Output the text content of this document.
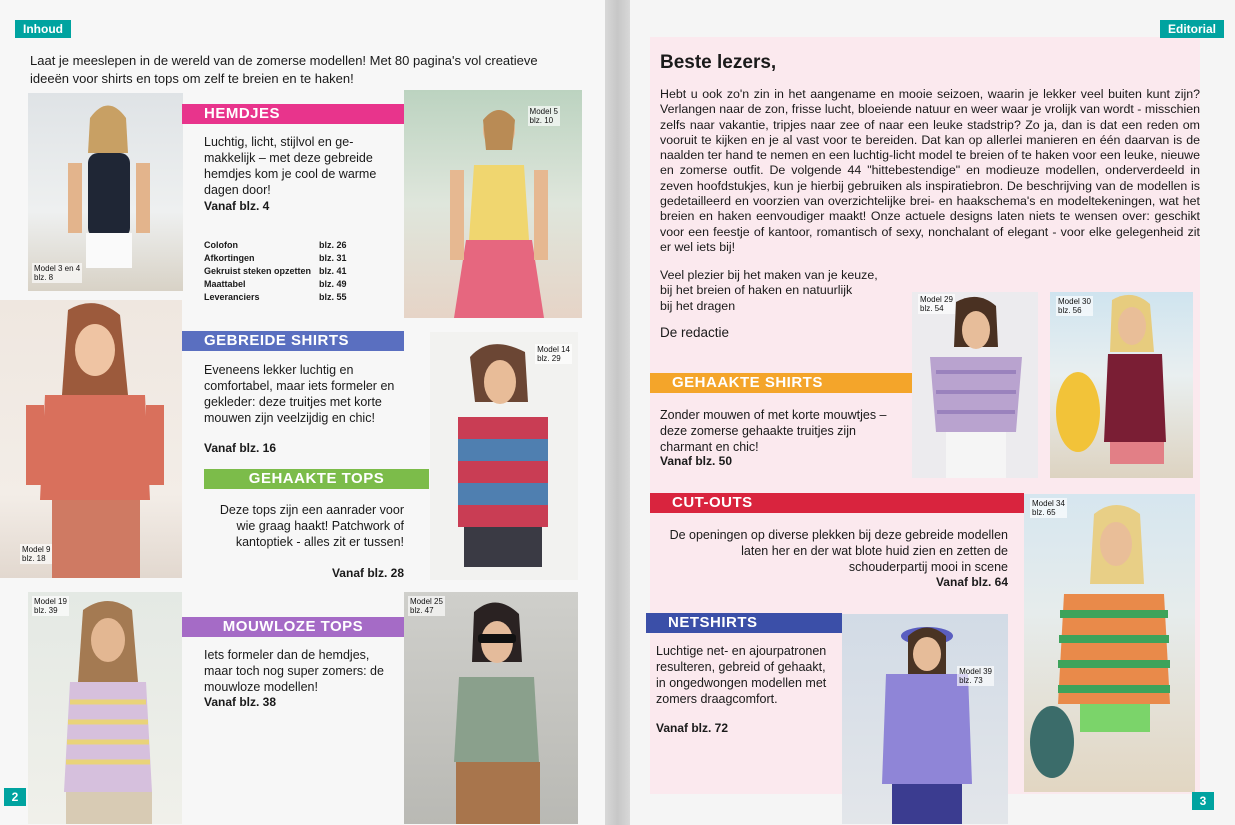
Inhoud
Laat je meeslepen in de wereld van de zomerse modellen! Met 80 pagina's vol creatieve ideeën voor shirts en tops om zelf te breien en te haken!
Model 3 en 4
blz. 8
HEMDJES
Luchtig, licht, stijlvol en ge-makkelijk – met deze gebreide hemdjes kom je cool de warme dagen door!
Vanaf blz. 4
Colofon	blz. 26
Afkortingen	blz. 31
Gekruist steken opzetten	blz. 41
Maattabel	blz. 49
Leveranciers	blz. 55
Model 5
blz. 10
Model 9
blz. 18
GEBREIDE SHIRTS
Eveneens lekker luchtig en comfortabel, maar iets formeler en gekleder: deze truitjes met korte mouwen zijn veelzijdig en chic!
Vanaf blz. 16
Model 14
blz. 29
GEHAAKTE TOPS
Deze tops zijn een aanrader voor wie graag haakt! Patchwork of kantoptiek - alles zit er tussen!
Vanaf blz. 28
Model 19
blz. 39
MOUWLOZE TOPS
Iets formeler dan de hemdjes, maar toch nog super zomers: de mouwloze modellen!
Vanaf blz. 38
Model 25
blz. 47
2
Editorial
Beste lezers,
Hebt u ook zo'n zin in het aangename en mooie seizoen, waarin je lekker veel buiten kunt zijn? Verlangen naar de zon, frisse lucht, bloeiende natuur en weer waar je vrolijk van wordt - misschien zelfs naar vakantie, tripjes naar zee of naar een leuke stadstrip? Zo ja, dan is dat een reden om vooruit te kijken en je al vast voor te bereiden. Dat kan op allerlei manieren en één daarvan is de naalden ter hand te nemen en een luchtig-licht model te breien of te haken voor een leuke, nieuwe en zomerse outfit. De volgende 44 "hittebestendige" en modieuze modellen, onderverdeeld in zeven hoofdstukjes, kun je hierbij gebruiken als inspiratiebron. De beschrijving van de modellen is gedetailleerd en voorzien van overzichtelijke brei- en haakschema's en modeltekeningen, wat het breien en haken eenvoudiger maakt! Onze actuele designs laten niets te wensen over: geschikt voor een feestje of kantoor, romantisch of sexy, nonchalant of elegant - voor elke gelegenheid zit er wel iets bij!
Veel plezier bij het maken van je keuze,
bij het breien of haken en natuurlijk
bij het dragen
De redactie
Model 29
blz. 54
Model 30
blz. 56
GEHAAKTE SHIRTS
Zonder mouwen of met korte mouwtjes – deze zomerse gehaakte truitjes zijn charmant en chic!
Vanaf blz. 50
CUT-OUTS
De openingen op diverse plekken bij deze gebreide modellen laten her en der wat blote huid zien en zetten de schouderpartij mooi in scene
Vanaf blz. 64
Model 34
blz. 65
NETSHIRTS
Luchtige net- en ajourpatronen resulteren, gebreid of gehaakt, in ongedwongen modellen met zomers draagcomfort.
Vanaf blz. 72
Model 39
blz. 73
3
